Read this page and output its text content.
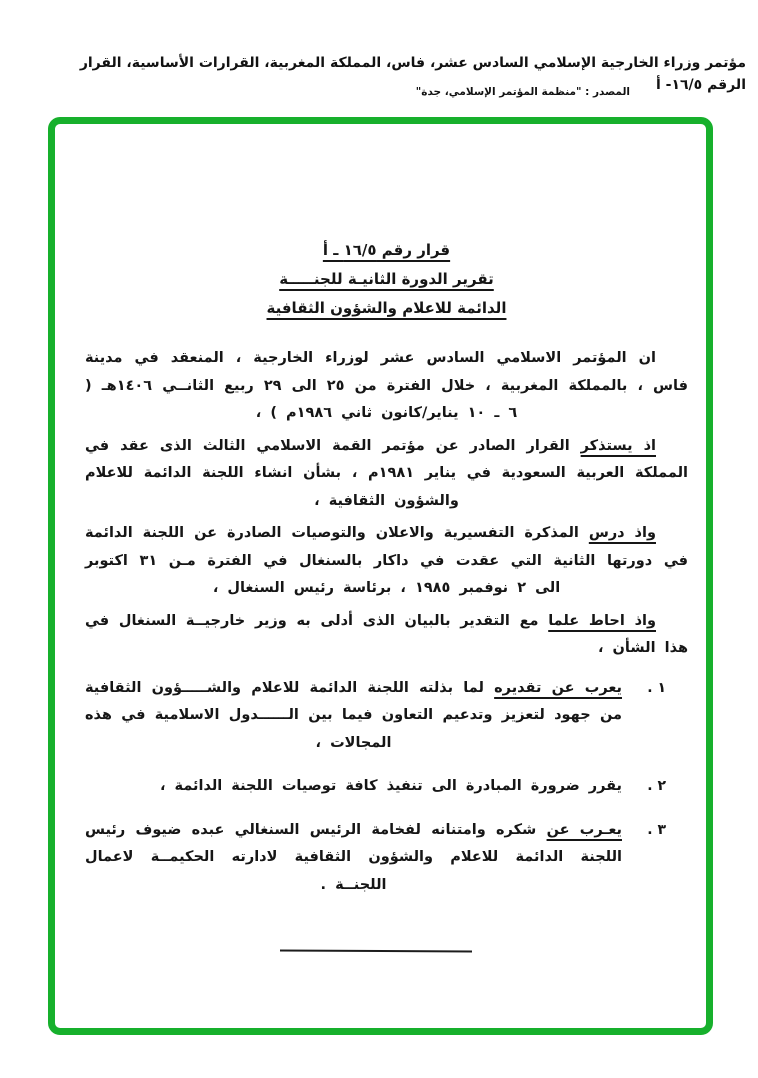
مؤتمر وزراء الخارجية الإسلامي السادس عشر، فاس، المملكة المغربية، القرارات الأساسية، القرار الرقم ١٦/٥- أ
المصدر : "منظمة المؤتمر الإسلامي، جدة"
قرار رقم ١٦/٥ ـ أ
تقرير الدورة الثانيـة للجنـــــة
الدائمة للاعلام والشؤون الثقافية

ان المؤتمر الاسلامي السادس عشر لوزراء الخارجية ، المنعقد في مدينة فاس ، بالمملكة المغربية ، خلال الفترة من ٢٥ الى ٢٩ ربيع الثانــي ١٤٠٦هـ ( ٦ ـ ١٠ يناير/كانون ثاني ١٩٨٦م ) ،

اذ يستذكر القرار الصادر عن مؤتمر القمة الاسلامي الثالث الذى عقد في المملكة العربية السعودية في يناير ١٩٨١م ، بشأن انشاء اللجنة الدائمة للاعلام والشؤون الثقافية ،

واذ درس المذكرة التفسيرية والاعلان والتوصيات الصادرة عن اللجنة الدائمة في دورتها الثانية التي عقدت في داكار بالسنغال في الفترة مـن ٣١ اكتوبر الى ٢ نوفمبر ١٩٨٥ ، برئاسة رئيس السنغال ،

واذ احاط علما مع التقدير بالبيان الذى أدلى به وزير خارجيــة السنغال في هذا الشأن ،

١ .
يعرب عن تقديره لما بذلته اللجنة الدائمة للاعلام والشـــــؤون الثقافية من جهود لتعزيز وتدعيم التعاون فيما بين الــــــدول الاسلامية في هذه المجالات ،
٢ .
يقرر ضرورة المبادرة الى تنفيذ كافة توصيات اللجنة الدائمة ،
٣ .
يعـرب عن شكره وامتنانه لفخامة الرئيس السنغالي عبده ضيوف رئيس اللجنة الدائمة للاعلام والشؤون الثقافية لادارته الحكيمــة لاعمال اللجنــة .
